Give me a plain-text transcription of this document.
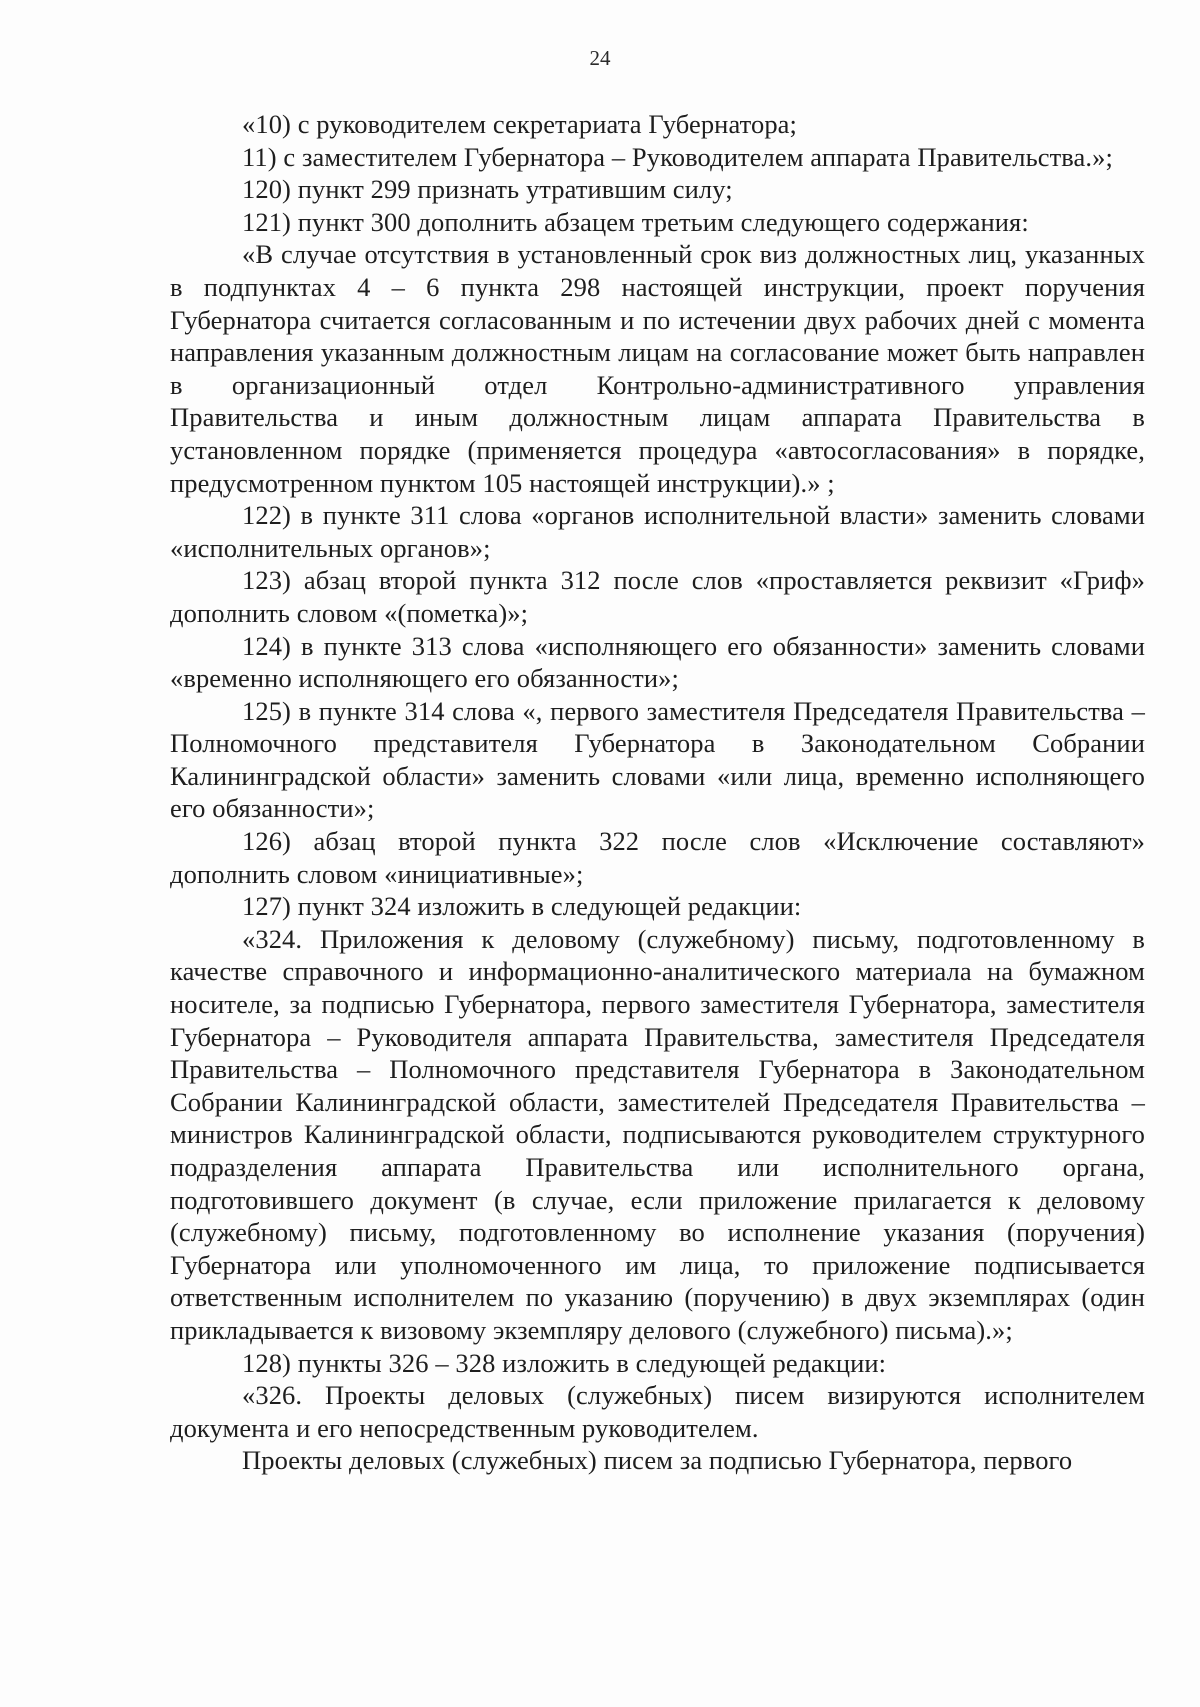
24

«10) с руководителем секретариата Губернатора;

11) с заместителем Губернатора – Руководителем аппарата Правительства.»;

120) пункт 299 признать утратившим силу;

121) пункт 300 дополнить абзацем третьим следующего содержания:

«В случае отсутствия в установленный срок виз должностных лиц, указанных в подпунктах 4 – 6 пункта 298 настоящей инструкции, проект поручения Губернатора считается согласованным и по истечении двух рабочих дней с момента направления указанным должностным лицам на согласование может быть направлен в организационный отдел Контрольно-административного управления Правительства и иным должностным лицам аппарата Правительства в установленном порядке (применяется процедура «автосогласования» в порядке, предусмотренном пунктом 105 настоящей инструкции).» ;

122) в пункте 311 слова «органов исполнительной власти» заменить словами «исполнительных органов»;

123) абзац второй пункта 312 после слов «проставляется реквизит «Гриф» дополнить словом «(пометка)»;

124) в пункте 313 слова «исполняющего его обязанности» заменить словами «временно исполняющего его обязанности»;

125) в пункте 314 слова «, первого заместителя Председателя Правительства – Полномочного представителя Губернатора в Законодательном Собрании Калининградской области» заменить словами «или лица, временно исполняющего его обязанности»;

126) абзац второй пункта 322 после слов «Исключение составляют» дополнить словом «инициативные»;

127) пункт 324 изложить в следующей редакции:

«324. Приложения к деловому (служебному) письму, подготовленному в качестве справочного и информационно-аналитического материала на бумажном носителе, за подписью Губернатора, первого заместителя Губернатора, заместителя Губернатора – Руководителя аппарата Правительства, заместителя Председателя Правительства – Полномочного представителя Губернатора в Законодательном Собрании Калининградской области, заместителей Председателя Правительства – министров Калининградской области, подписываются руководителем структурного подразделения аппарата Правительства или исполнительного органа, подготовившего документ (в случае, если приложение прилагается к деловому (служебному) письму, подготовленному во исполнение указания (поручения) Губернатора или уполномоченного им лица, то приложение подписывается ответственным исполнителем по указанию (поручению) в двух экземплярах (один прикладывается к визовому экземпляру делового (служебного) письма).»;

128) пункты 326 – 328 изложить в следующей редакции:

«326. Проекты деловых (служебных) писем визируются исполнителем документа и его непосредственным руководителем.

Проекты деловых (служебных) писем за подписью Губернатора, первого
